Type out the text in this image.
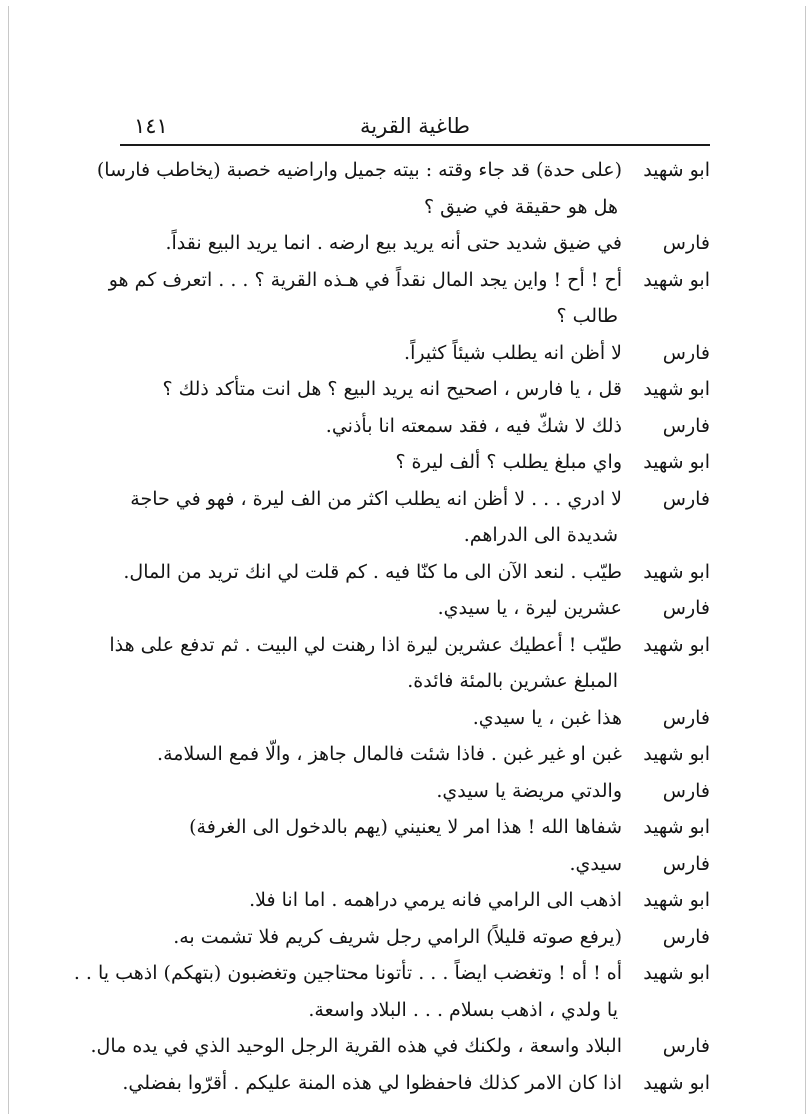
طاغية القرية
١٤١
ابو شهيد(على حدة) قد جاء وقته : بيته جميل واراضيه خصبة (يخاطب فارسا)
هل هو حقيقة في ضيق ؟
فارسفي ضيق شديد حتى أنه يريد بيع ارضه . انما يريد البيع نقداً.
ابو شهيدأح ! أح ! واين يجد المال نقداً في هـذه القرية ؟ . . . اتعرف كم هو
طالب ؟
فارسلا أظن انه يطلب شيئاً كثيراً.
ابو شهيدقل ، يا فارس ، اصحيح انه يريد البيع ؟ هل انت متأكد ذلك ؟
فارسذلك لا شكّ فيه ، فقد سمعته انا بأذني.
ابو شهيدواي مبلغ يطلب ؟ ألف ليرة ؟
فارسلا ادري . . . لا أظن انه يطلب اكثر من الف ليرة ، فهو في حاجة
شديدة الى الدراهم.
ابو شهيدطيّب . لنعد الآن الى ما كنّا فيه . كم قلت لي انك تريد من المال.
فارسعشرين ليرة ، يا سيدي.
ابو شهيدطيّب ! أعطيك عشرين ليرة اذا رهنت لي البيت . ثم تدفع على هذا
المبلغ عشرين بالمئة فائدة.
فارسهذا غبن ، يا سيدي.
ابو شهيدغبن او غير غبن . فاذا شئت فالمال جاهز ، والّا فمع السلامة.
فارسوالدتي مريضة يا سيدي.
ابو شهيدشفاها الله ! هذا امر لا يعنيني (يهم بالدخول الى الغرفة)
فارسسيدي.
ابو شهيداذهب الى الرامي فانه يرمي دراهمه . اما انا فلا.
فارس(يرفع صوته قليلاً) الرامي رجل شريف كريم فلا تشمت به.
ابو شهيدأه ! أه ! وتغضب ايضاً . . . تأتونا محتاجين وتغضبون (بتهكم) اذهب يا . .
يا ولدي ، اذهب بسلام . . . البلاد واسعة.
فارسالبلاد واسعة ، ولكنك في هذه القرية الرجل الوحيد الذي في يده مال.
ابو شهيداذا كان الامر كذلك فاحفظوا لي هذه المنة عليكم . أقرّوا بفضلي.
